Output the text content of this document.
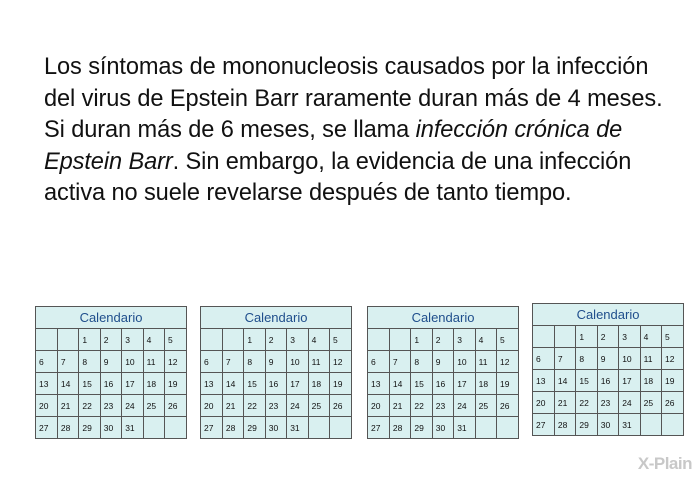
Los síntomas de mononucleosis causados por la infección del virus de Epstein Barr raramente duran más de 4 meses. Si duran más de 6 meses, se llama infección crónica de Epstein Barr. Sin embargo, la evidencia de una infección activa no suele revelarse después de tanto tiempo.

Calendario
		1	2	3	4	5
6	7	8	9	10	11	12
13	14	15	16	17	18	19
20	21	22	23	24	25	26
27	28	29	30	31		
Calendario
		1	2	3	4	5
6	7	8	9	10	11	12
13	14	15	16	17	18	19
20	21	22	23	24	25	26
27	28	29	30	31		
Calendario
		1	2	3	4	5
6	7	8	9	10	11	12
13	14	15	16	17	18	19
20	21	22	23	24	25	26
27	28	29	30	31		
Calendario
		1	2	3	4	5
6	7	8	9	10	11	12
13	14	15	16	17	18	19
20	21	22	23	24	25	26
27	28	29	30	31		
X-Plain
